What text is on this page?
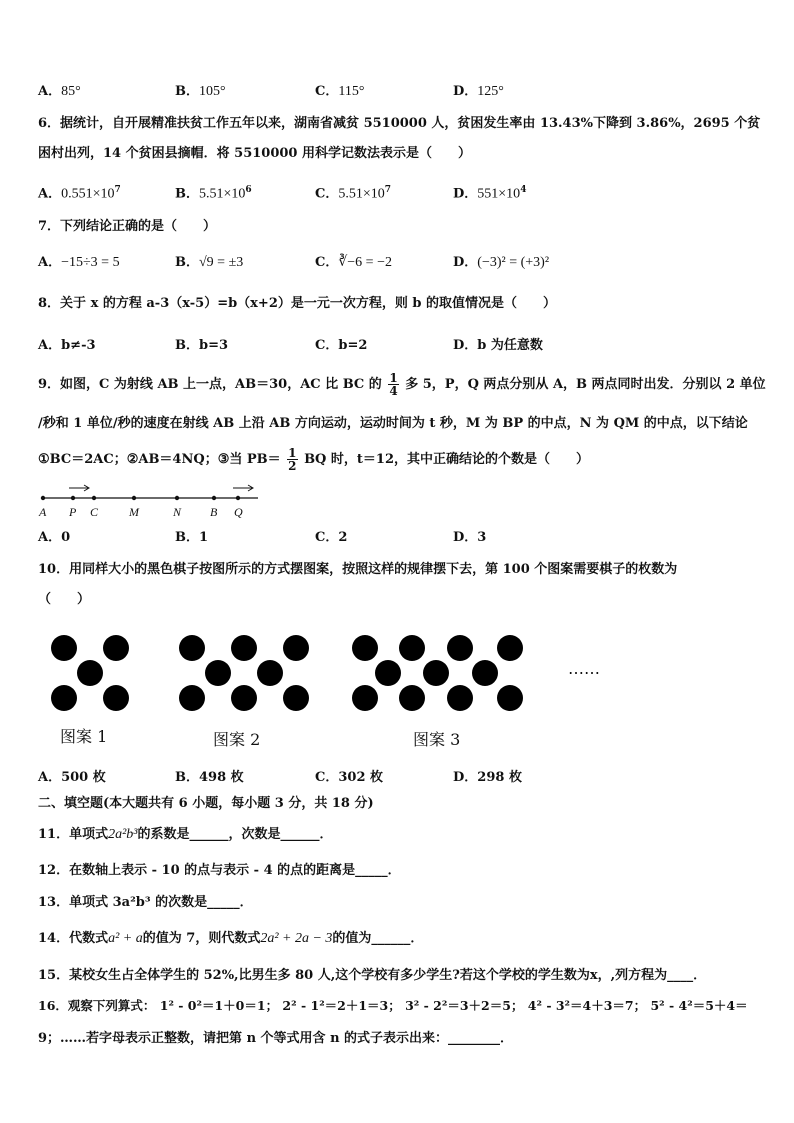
A．85°	B．105°	C．115°	D．125°
6．据统计，自开展精准扶贫工作五年以来，湖南省减贫 5510000 人，贫困发生率由 13.43%下降到 3.86%，2695 个贫
困村出列，14 个贫困县摘帽．将 5510000 用科学记数法表示是（　　）
A．$0.551\times 10^7$	B．$5.51\times 10^6$	C．$5.51\times 10^7$	D．$551\times 10^4$
7．下列结论正确的是（　　）
A．−15÷3 = 5	B．√9 = ±3	C．∛−6 = −2	D．(−3)² = (+3)²
8．关于 x 的方程 a-3（x-5）=b（x+2）是一元一次方程，则 b 的取值情况是（　　）
A．b≠-3	B．b=3	C．b=2	D．b 为任意数
9．如图，C 为射线 AB 上一点，AB＝30，AC 比 BC 的 $\frac{1}{4}$ 多 5，P，Q 两点分别从 A，B 两点同时出发．分别以 2 单位
/秒和 1 单位/秒的速度在射线 AB 上沿 AB 方向运动，运动时间为 t 秒，M 为 BP 的中点，N 为 QM 的中点，以下结论
①BC＝2AC；②AB＝4NQ；③当 $PB= \frac{1}{2}$ BQ 时，t＝12，其中正确结论的个数是（　　）
A P C	M	N B Q
A．0	B．1	C．2	D．3
10．用同样大小的黑色棋子按图所示的方式摆图案，按照这样的规律摆下去，第 100 个图案需要棋子的枚数为
（　　）
……
图案 1	图案 2	图案 3
A．500 枚	B．498 枚	C．302 枚	D．298 枚
二、填空题(本大题共有 6 小题，每小题 3 分，共 18 分)
11．单项式2a²b³的系数是______，次数是______．
12．在数轴上表示 - 10 的点与表示 - 4 的点的距离是_____．
13．单项式 3a²b³ 的次数是_____．
14．代数式a² + a的值为 7，则代数式2a² + 2a − 3的值为______．
15．某校女生占全体学生的 52%,比男生多 80 人,这个学校有多少学生?若这个学校的学生数为x，,列方程为____．
16．观察下列算式： 1² - 0²＝1＋0＝1； 2² - 1²＝2＋1＝3； 3² - 2²＝3＋2＝5； 4² - 3²＝4＋3＝7； 5² - 4²＝5＋4＝
9；……若字母表示正整数，请把第 n 个等式用含 n 的式子表示出来：________．
